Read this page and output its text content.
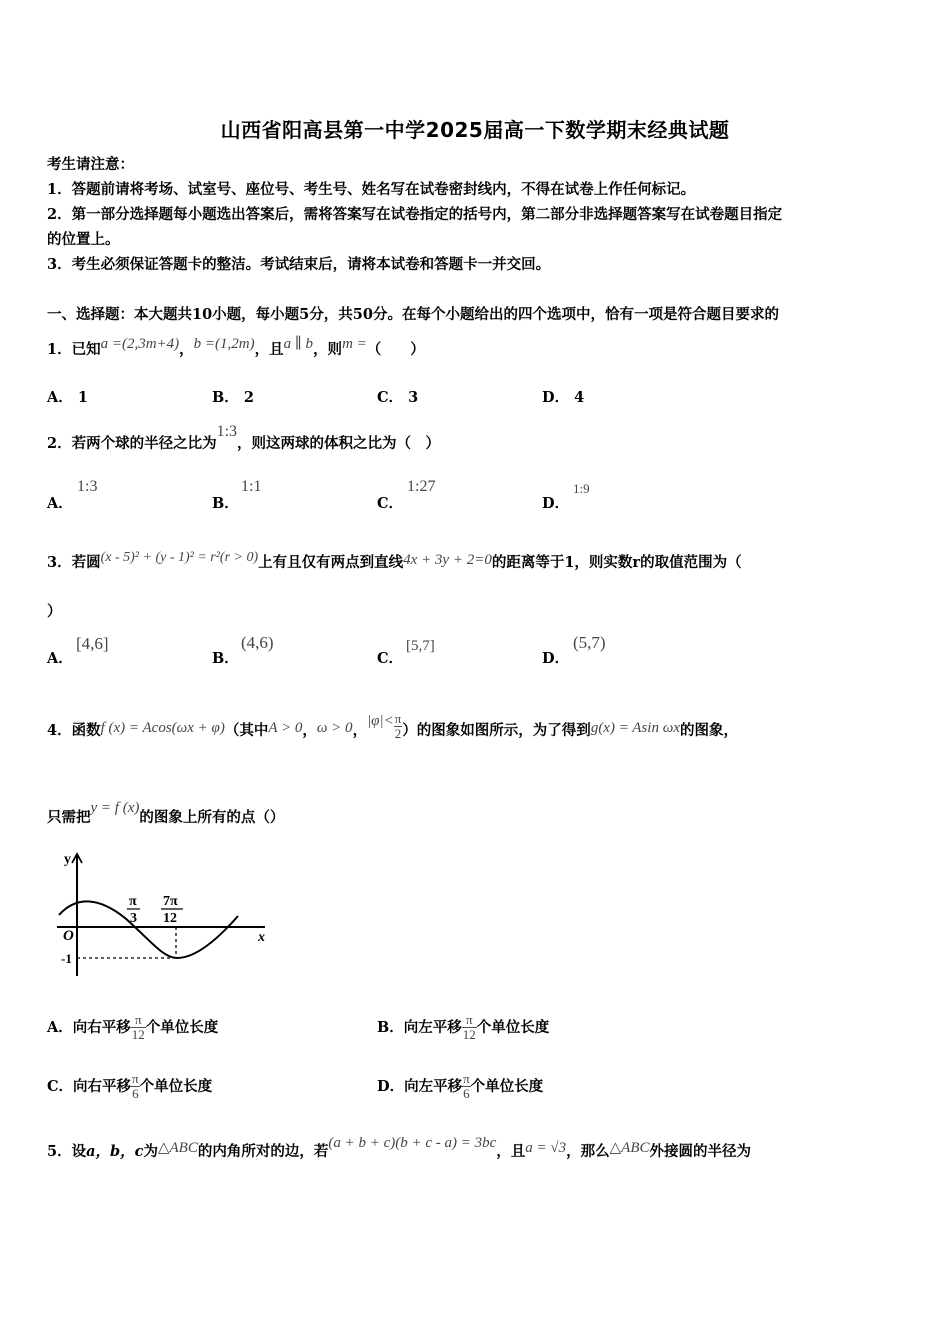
山西省阳高县第一中学2025届高一下数学期末经典试题
考生请注意：
1．答题前请将考场、试室号、座位号、考生号、姓名写在试卷密封线内，不得在试卷上作任何标记。
2．第一部分选择题每小题选出答案后，需将答案写在试卷指定的括号内，第二部分非选择题答案写在试卷题目指定
的位置上。
3．考生必须保证答题卡的整洁。考试结束后，请将本试卷和答题卡一并交回。
一、选择题：本大题共10小题，每小题5分，共50分。在每个小题给出的四个选项中，恰有一项是符合题目要求的
1．已知a =(2,3m+4)，b =(1,2m)，且a ∥ b，则m =（　　）
A． 1	B． 2	C． 3	D． 4
2．若两个球的半径之比为1:3，则这两球的体积之比为（　）
A．
1:3
B．
1:1
C．
1:27
D．
1:9
3．若圆(x - 5)² + (y - 1)² = r²(r > 0)上有且仅有两点到直线4x + 3y + 2=0的距离等于1，则实数r的取值范围为（
）
A．
[4,6]
B．
(4,6)
C．
[5,7]
D．
(5,7)
4．函数f (x) = Acos(ωx + φ)（其中A > 0，ω > 0，$|\varphi|< \frac{\pi}{2}$ ）的图象如图所示，为了得到g(x) = Asin ωx的图象，
只需把y = f (x)的图象上所有的点（）
y
x
O
-1
π
3
7π
12
A．向右平移 $\frac{\pi}{12}$ 个单位长度	B．向左平移 $\frac{\pi}{12}$ 个单位长度
C．向右平移 $\frac{\pi}{6}$ 个单位长度	D．向左平移 $\frac{\pi}{6}$ 个单位长度
5．设a，b，c为△ABC的内角所对的边，若(a + b + c)(b + c - a) = 3bc，且a = √3，那么△ABC外接圆的半径为
